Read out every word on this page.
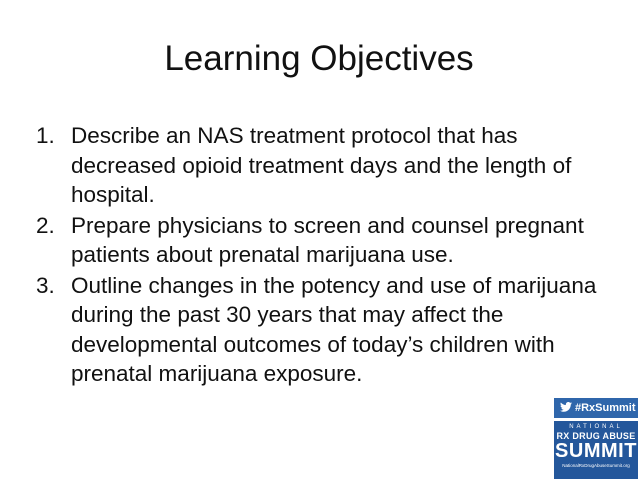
Learning Objectives
1. Describe an NAS treatment protocol that has decreased opioid treatment days and the length of hospital.
2. Prepare physicians to screen and counsel pregnant patients about prenatal marijuana use.
3. Outline changes in the potency and use of marijuana during the past 30 years that may affect the developmental outcomes of today’s children with prenatal marijuana exposure.
#RxSummit
NATIONAL
RX DRUG ABUSE
SUMMIT
NationalRxDrugAbuseSummit.org
